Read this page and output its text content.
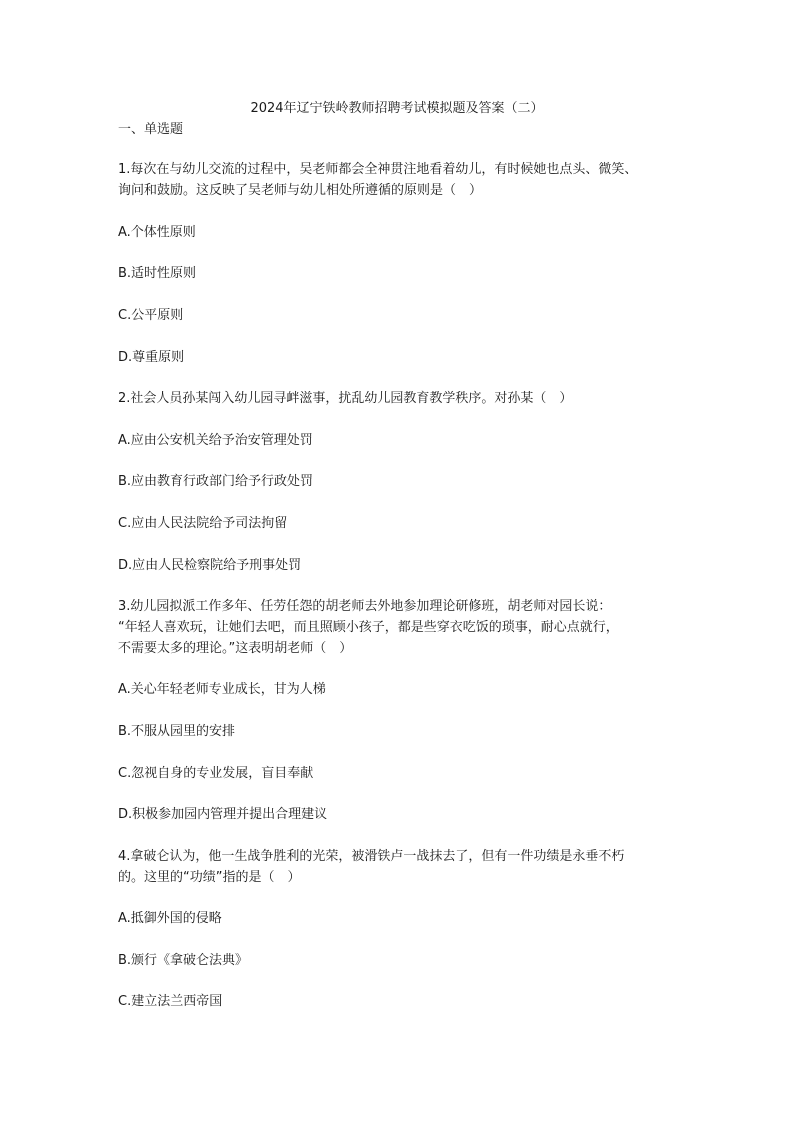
2024年辽宁铁岭教师招聘考试模拟题及答案（二）
一、单选题
1.每次在与幼儿交流的过程中，吴老师都会全神贯注地看着幼儿，有时候她也点头、微笑、
询问和鼓励。这反映了吴老师与幼儿相处所遵循的原则是（　）
A.个体性原则
B.适时性原则
C.公平原则
D.尊重原则
2.社会人员孙某闯入幼儿园寻衅滋事，扰乱幼儿园教育教学秩序。对孙某（　）
A.应由公安机关给予治安管理处罚
B.应由教育行政部门给予行政处罚
C.应由人民法院给予司法拘留
D.应由人民检察院给予刑事处罚
3.幼儿园拟派工作多年、任劳任怨的胡老师去外地参加理论研修班，胡老师对园长说：
“年轻人喜欢玩，让她们去吧，而且照顾小孩子，都是些穿衣吃饭的琐事，耐心点就行，
不需要太多的理论。”这表明胡老师（　）
A.关心年轻老师专业成长，甘为人梯
B.不服从园里的安排
C.忽视自身的专业发展，盲目奉献
D.积极参加园内管理并提出合理建议
4.拿破仑认为，他一生战争胜利的光荣，被滑铁卢一战抹去了，但有一件功绩是永垂不朽
的。这里的“功绩”指的是（　）
A.抵御外国的侵略
B.颁行《拿破仑法典》
C.建立法兰西帝国
